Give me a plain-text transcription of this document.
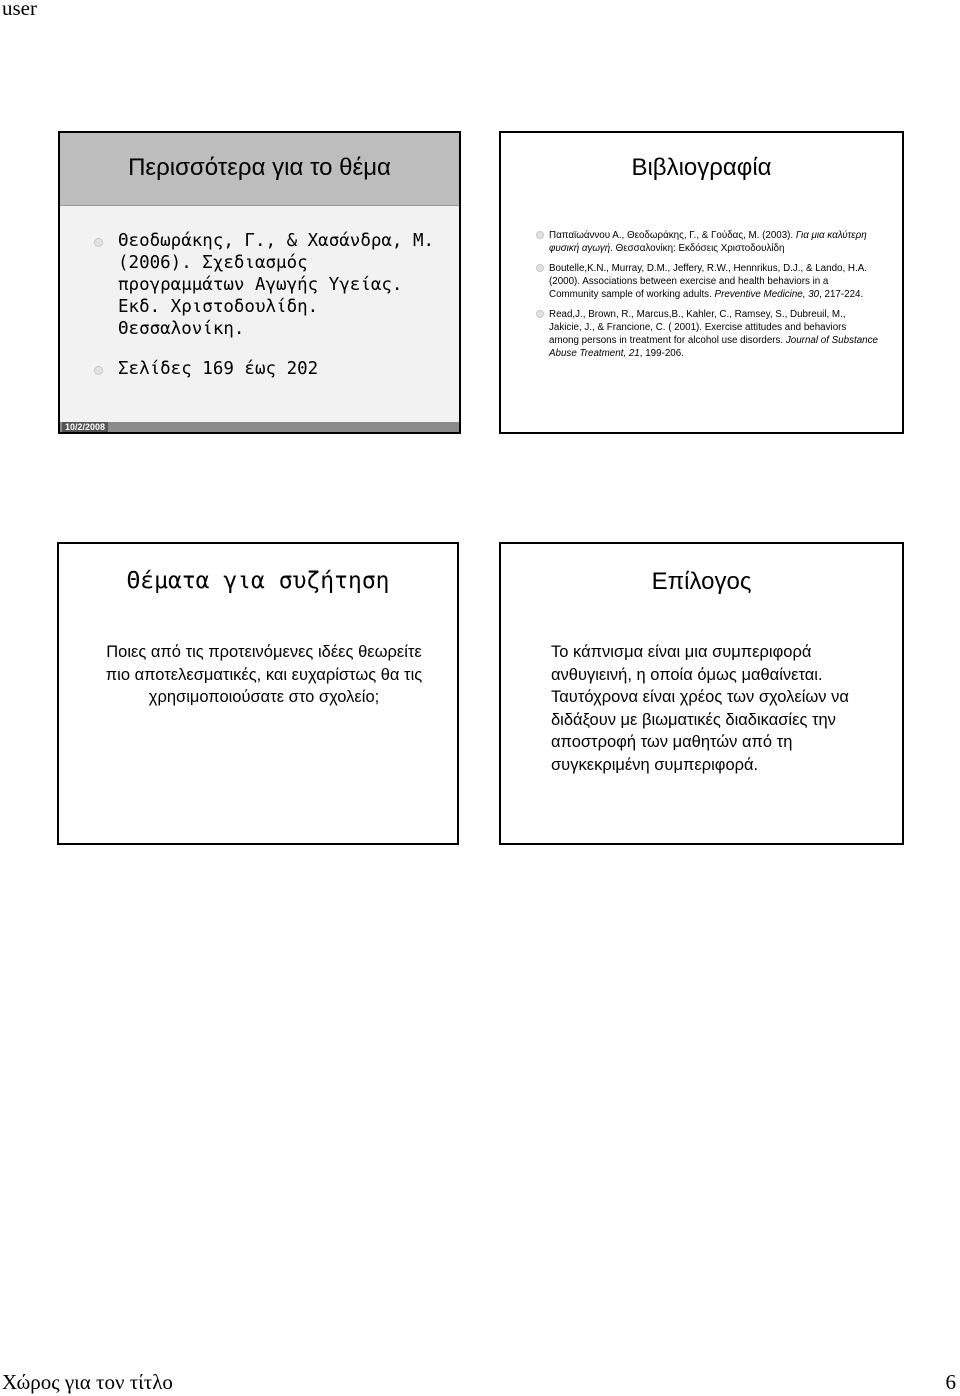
user
Περισσότερα για το θέμα
Θεοδωράκης, Γ., & Χασάνδρα, Μ. (2006). Σχεδιασμός προγραμμάτων Αγωγής Υγείας. Εκδ. Χριστοδουλίδη. Θεσσαλονίκη.
Σελίδες 169 έως 202
10/2/2008
Βιβλιογραφία
Παπαϊωάννου Α., Θεοδωράκης, Γ., & Γούδας, Μ. (2003). Για μια καλύτερη φυσική αγωγή. Θεσσαλονίκη: Εκδόσεις Χριστοδουλίδη
Boutelle,K.N., Murray, D.M., Jeffery, R.W., Hennrikus, D.J., & Lando, H.A. (2000). Associations between exercise and health behaviors in a Community sample of working adults. Preventive Medicine, 30, 217-224.
Read,J., Brown, R., Marcus,B., Kahler, C., Ramsey, S., Dubreuil, M., Jakicie, J., & Francione, C. ( 2001). Exercise attitudes and behaviors among persons in treatment for alcohol use disorders. Journal of Substance Abuse Treatment, 21, 199-206.
Θέματα για συζήτηση
Ποιες από τις προτεινόμενες ιδέες θεωρείτε πιο αποτελεσματικές, και ευχαρίστως θα τις χρησιμοποιούσατε στο σχολείο;
Επίλογος
Το κάπνισμα είναι μια συμπεριφορά ανθυγιεινή, η οποία όμως μαθαίνεται. Ταυτόχρονα είναι χρέος των σχολείων να διδάξουν με βιωματικές διαδικασίες την αποστροφή των μαθητών από τη συγκεκριμένη συμπεριφορά.
Χώρος για τον τίτλο	6
